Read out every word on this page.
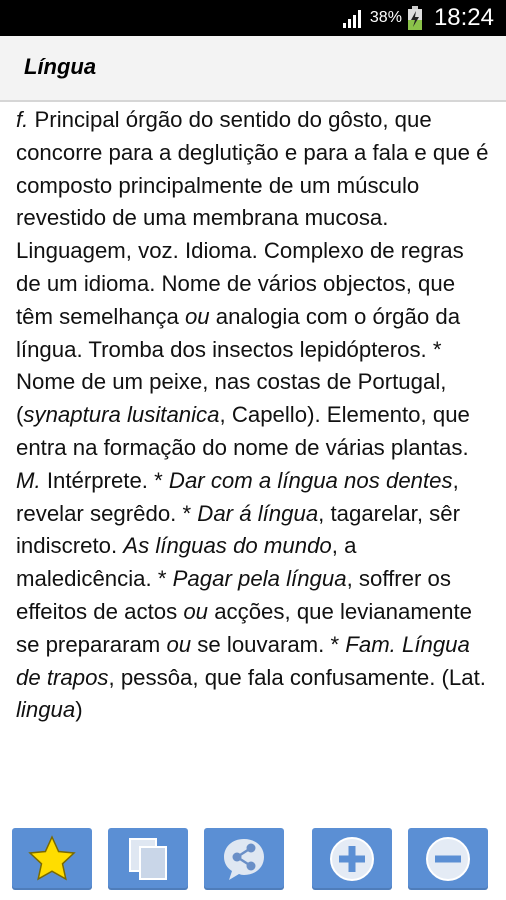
38% 18:24
Língua

f. Principal órgão do sentido do gôsto, que concorre para a deglutição e para a fala e que é composto principalmente de um músculo revestido de uma membrana mucosa. Linguagem, voz. Idioma. Complexo de regras de um idioma. Nome de vários objectos, que têm semelhança ou analogia com o órgão da língua. Tromba dos insectos lepidópteros. * Nome de um peixe, nas costas de Portugal, (synaptura lusitanica, Capello). Elemento, que entra na formação do nome de várias plantas. M. Intérprete. * Dar com a língua nos dentes, revelar segrêdo. * Dar á língua, tagarelar, sêr indiscreto. As línguas do mundo, a maledicência. * Pagar pela língua, soffrer os effeitos de actos ou acções, que levianamente se prepararam ou se louvaram. * Fam. Língua de trapos, pessôa, que fala confusamente. (Lat. lingua)
